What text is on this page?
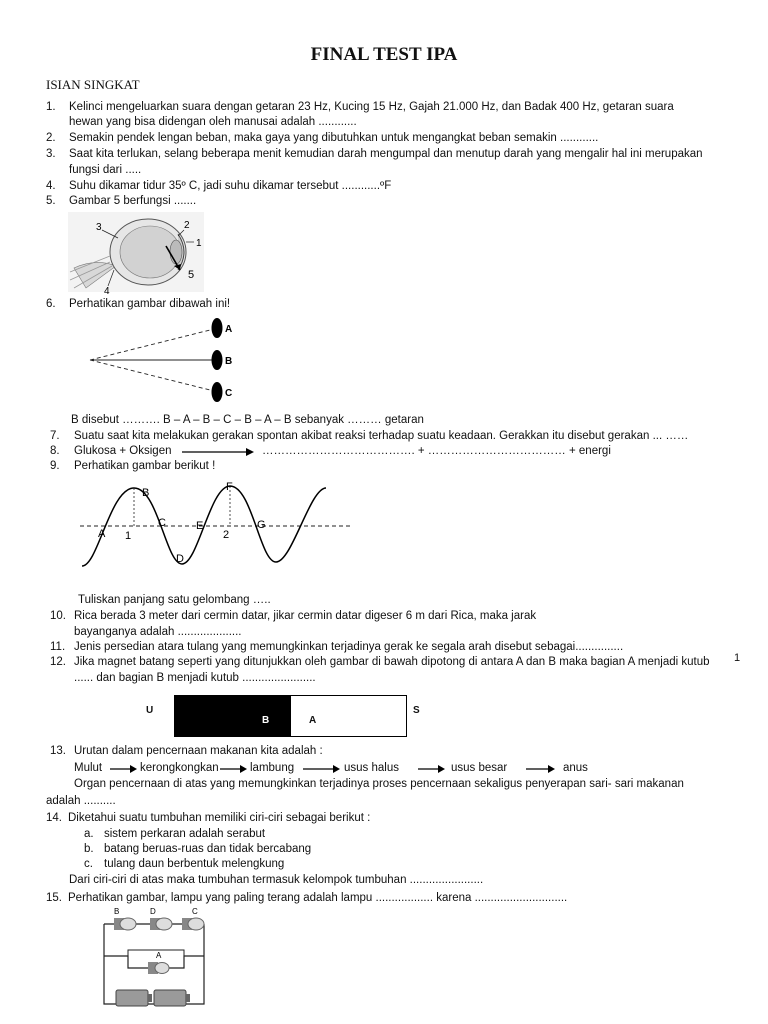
FINAL TEST IPA
ISIAN SINGKAT
1
1. Kelinci mengeluarkan suara dengan getaran 23 Hz, Kucing 15 Hz, Gajah 21.000 Hz, dan Badak 400 Hz, getaran suara
hewan yang bisa didengan oleh manusai adalah ............
2. Semakin pendek lengan beban, maka gaya yang dibutuhkan untuk mengangkat beban semakin ............
3. Saat kita terlukan, selang beberapa menit kemudian darah mengumpal dan menutup darah yang mengalir hal ini merupakan
fungsi dari .....
4. Suhu dikamar tidur 35º C, jadi suhu dikamar tersebut ............ºF
5. Gambar 5 berfungsi .......
3	2
1
4
5
6. Perhatikan gambar dibawah ini!
A
B
C
B disebut ………. B – A – B – C – B – A – B sebanyak ……… getaran
7. Suatu saat kita melakukan gerakan spontan akibat reaksi terhadap suatu keadaan. Gerakkan itu disebut gerakan ... ……
8. Glukosa + Oksigen	…………………………………. + ……………………………… + energi
9. Perhatikan gambar berikut !
A
B
C
D
E
F
G
1	2
Tuliskan panjang satu gelombang …..
10. Rica berada 3 meter dari cermin datar, jikar cermin datar digeser 6 m dari Rica, maka jarak
bayanganya adalah ....................
11. Jenis persedian atara tulang yang memungkinkan terjadinya gerak ke segala arah disebut sebagai...............
12. Jika magnet batang seperti yang ditunjukkan oleh gambar di bawah dipotong di antara A dan B maka bagian A menjadi kutub
...... dan bagian B menjadi kutub .......................
U
B	A
S
13. Urutan dalam pencernaan makanan kita adalah :
Mulut	kerongkongkan	lambung	usus halus	usus besar	anus
Organ pencernaan di atas yang memungkinkan terjadinya proses pencernaan sekaligus penyerapan sari- sari makanan
adalah ..........
14. Diketahui suatu tumbuhan memiliki ciri-ciri sebagai berikut :
a. sistem perkaran adalah serabut
b. batang beruas-ruas dan tidak bercabang
c. tulang daun berbentuk melengkung
Dari ciri-ciri di atas maka tumbuhan termasuk kelompok tumbuhan .......................
15. Perhatikan gambar, lampu yang paling terang adalah lampu .................. karena .............................
B	D	C
A
